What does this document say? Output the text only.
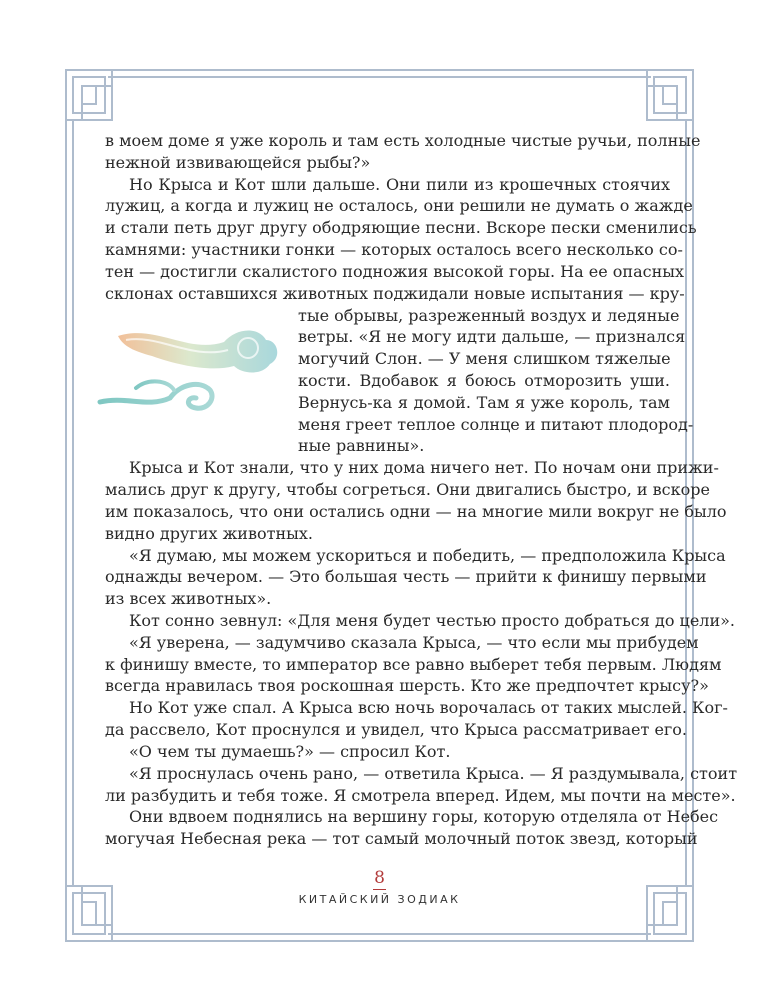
в моем доме я уже король и там есть холодные чистые ручьи, полные

нежной извивающейся рыбы?»

Но Крыса и Кот шли дальше. Они пили из крошечных стоячих

лужиц, а когда и лужиц не осталось, они решили не думать о жажде

и стали петь друг другу ободряющие песни. Вскоре пески сменились

камнями: участники гонки — которых осталось всего несколько со-

тен — достигли скалистого подножия высокой горы. На ее опасных

склонах оставшихся животных поджидали новые испытания — кру-

тые обрывы, разреженный воздух и ледяные

ветры. «Я не могу идти дальше, — признался

могучий Слон. — У меня слишком тяжелые

кости. Вдобавок я боюсь отморозить уши.

Вернусь-ка я домой. Там я уже король, там

меня греет теплое солнце и питают плодород-

ные равнины».

Крыса и Кот знали, что у них дома ничего нет. По ночам они прижи-

мались друг к другу, чтобы согреться. Они двигались быстро, и вскоре

им показалось, что они остались одни — на многие мили вокруг не было

видно других животных.

«Я думаю, мы можем ускориться и победить, — предположила Крыса

однажды вечером. — Это большая честь — прийти к финишу первыми

из всех животных».

Кот сонно зевнул: «Для меня будет честью просто добраться до цели».

«Я уверена, — задумчиво сказала Крыса, — что если мы прибудем

к финишу вместе, то император все равно выберет тебя первым. Людям

всегда нравилась твоя роскошная шерсть. Кто же предпочтет крысу?»

Но Кот уже спал. А Крыса всю ночь ворочалась от таких мыслей. Ког-

да рассвело, Кот проснулся и увидел, что Крыса рассматривает его.

«О чем ты думаешь?» — спросил Кот.

«Я проснулась очень рано, — ответила Крыса. — Я раздумывала, стоит

ли разбудить и тебя тоже. Я смотрела вперед. Идем, мы почти на месте».

Они вдвоем поднялись на вершину горы, которую отделяла от Небес

могучая Небесная река — тот самый молочный поток звезд, который

8
КИТАЙСКИЙ ЗОДИАК
